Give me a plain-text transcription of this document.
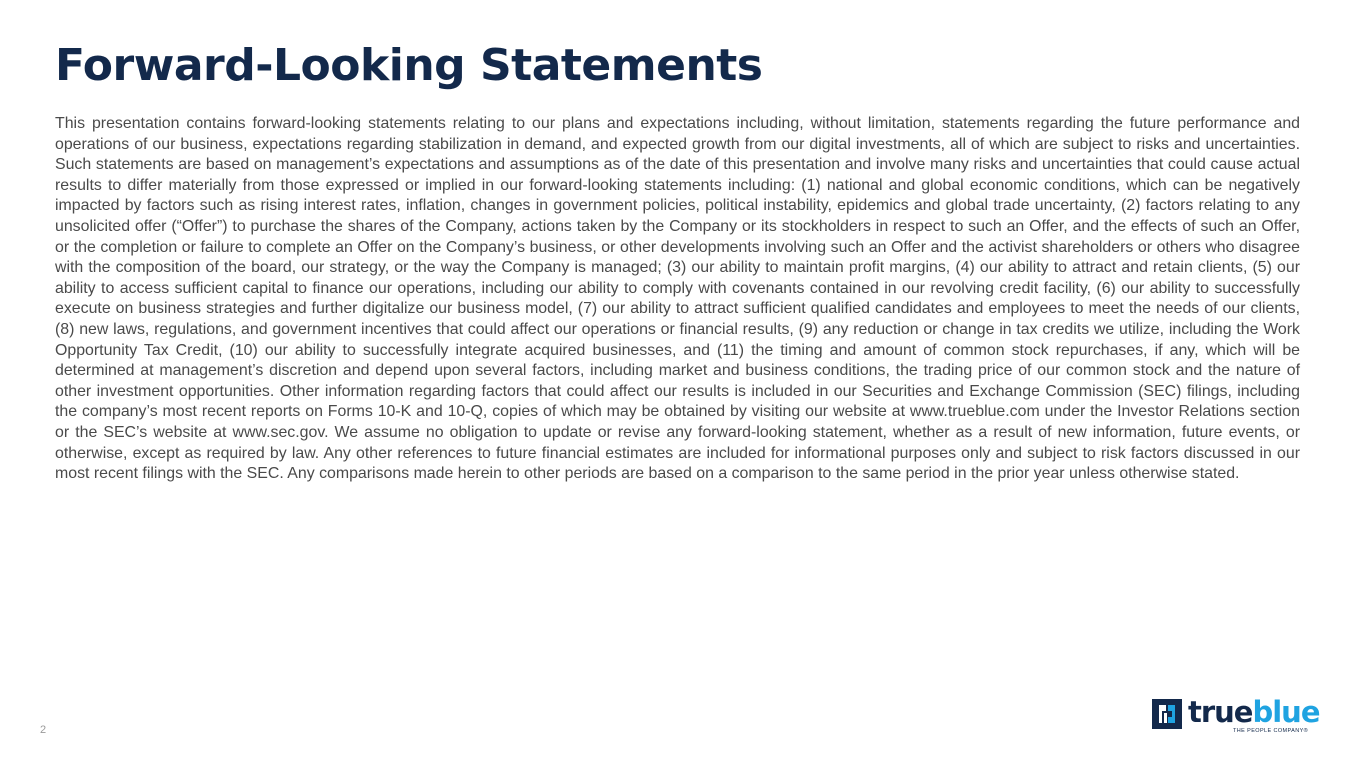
Forward-Looking Statements

This presentation contains forward-looking statements relating to our plans and expectations including, without limitation, statements regarding the future performance and operations of our business, expectations regarding stabilization in demand, and expected growth from our digital investments, all of which are subject to risks and uncertainties. Such statements are based on management’s expectations and assumptions as of the date of this presentation and involve many risks and uncertainties that could cause actual results to differ materially from those expressed or implied in our forward-looking statements including: (1) national and global economic conditions, which can be negatively impacted by factors such as rising interest rates, inflation, changes in government policies, political instability, epidemics and global trade uncertainty, (2) factors relating to any unsolicited offer (“Offer”) to purchase the shares of the Company, actions taken by the Company or its stockholders in respect to such an Offer, and the effects of such an Offer, or the completion or failure to complete an Offer on the Company’s business, or other developments involving such an Offer and the activist shareholders or others who disagree with the composition of the board, our strategy, or the way the Company is managed; (3) our ability to maintain profit margins, (4) our ability to attract and retain clients, (5) our ability to access sufficient capital to finance our operations, including our ability to comply with covenants contained in our revolving credit facility, (6) our ability to successfully execute on business strategies and further digitalize our business model, (7) our ability to attract sufficient qualified candidates and employees to meet the needs of our clients, (8) new laws, regulations, and government incentives that could affect our operations or financial results, (9) any reduction or change in tax credits we utilize, including the Work Opportunity Tax Credit, (10) our ability to successfully integrate acquired businesses, and (11) the timing and amount of common stock repurchases, if any, which will be determined at management’s discretion and depend upon several factors, including market and business conditions, the trading price of our common stock and the nature of other investment opportunities. Other information regarding factors that could affect our results is included in our Securities and Exchange Commission (SEC) filings, including the company’s most recent reports on Forms 10-K and 10-Q, copies of which may be obtained by visiting our website at www.trueblue.com under the Investor Relations section or the SEC’s website at www.sec.gov. We assume no obligation to update or revise any forward-looking statement, whether as a result of new information, future events, or otherwise, except as required by law. Any other references to future financial estimates are included for informational purposes only and subject to risk factors discussed in our most recent filings with the SEC. Any comparisons made herein to other periods are based on a comparison to the same period in the prior year unless otherwise stated.

2
trueblue
THE PEOPLE COMPANY®
